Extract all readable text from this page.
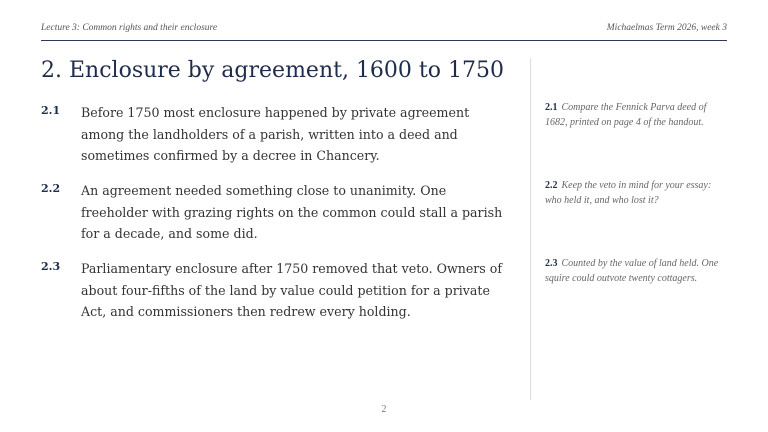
Lecture 3: Common rights and their enclosure	Michaelmas Term 2026, week 3
2. Enclosure by agreement, 1600 to 1750
2.1 Before 1750 most enclosure happened by private agreement among the landholders of a parish, written into a deed and sometimes confirmed by a decree in Chancery.

2.2 An agreement needed something close to unanimity. One freeholder with grazing rights on the common could stall a parish for a decade, and some did.

2.3 Parliamentary enclosure after 1750 removed that veto. Owners of about four-fifths of the land by value could petition for a private Act, and commissioners then redrew every holding.

2.1 Compare the Fennick Parva deed of 1682, printed on page 4 of the handout.
2.2 Keep the veto in mind for your essay: who held it, and who lost it?
2.3 Counted by the value of land held. One squire could outvote twenty cottagers.
2
